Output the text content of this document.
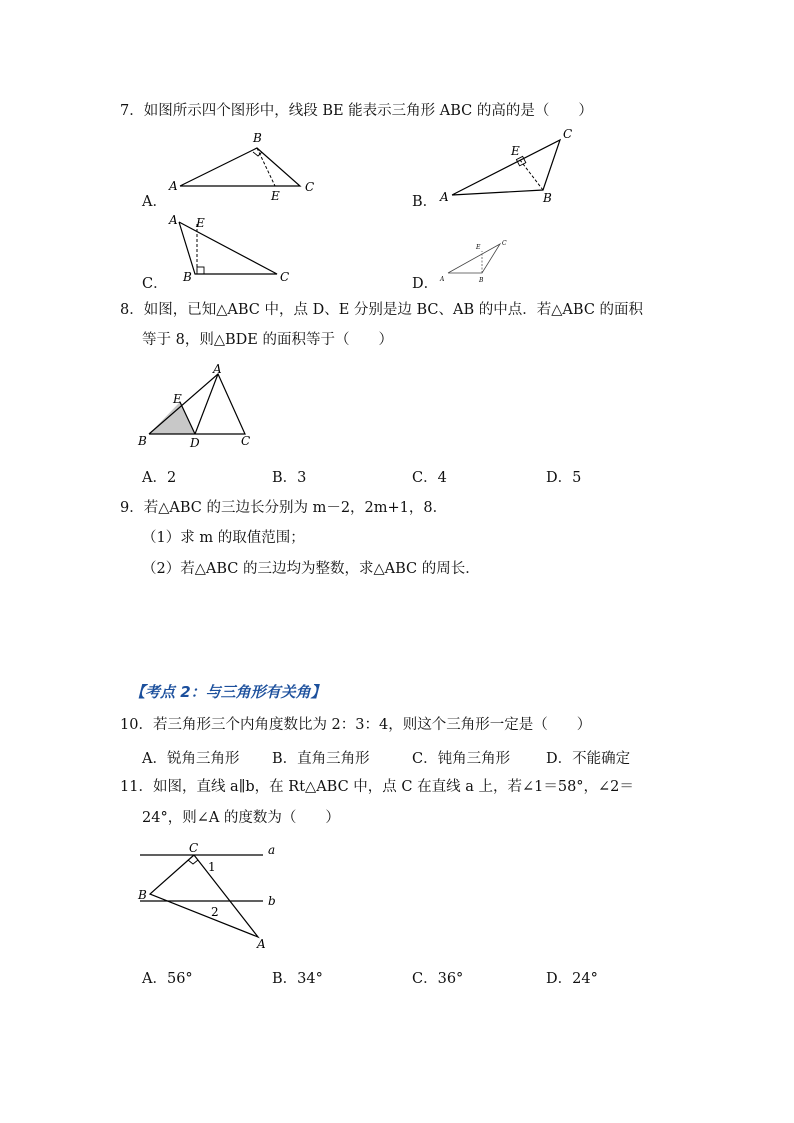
7．如图所示四个图形中，线段 BE 能表示三角形 ABC 的高的是（　　）
A．
A
B
C
E	B． A	B
C
E
C．
A
B	C
E
D． A	B
C
E
8．如图，已知△ABC 中，点 D、E 分别是边 BC、AB 的中点．若△ABC 的面积
等于 8，则△BDE 的面积等于（　　）
A
B	C
D
E
A．2	B．3	C．4	D．5
9．若△ABC 的三边长分别为 m－2，2m+1，8．
（1）求 m 的取值范围；
（2）若△ABC 的三边均为整数，求△ABC 的周长．
【考点 2：与三角形有关角】
10．若三角形三个内角度数比为 2：3：4，则这个三角形一定是（　　）
A．锐角三角形 B．直角三角形	C．钝角三角形 D．不能确定
11．如图，直线 a∥b，在 Rt△ABC 中，点 C 在直线 a 上，若∠1＝58°，∠2＝
24°，则∠A 的度数为（　　）
C
B
A
a
b
1
2
A．56°	B．34°	C．36°	D．24°
